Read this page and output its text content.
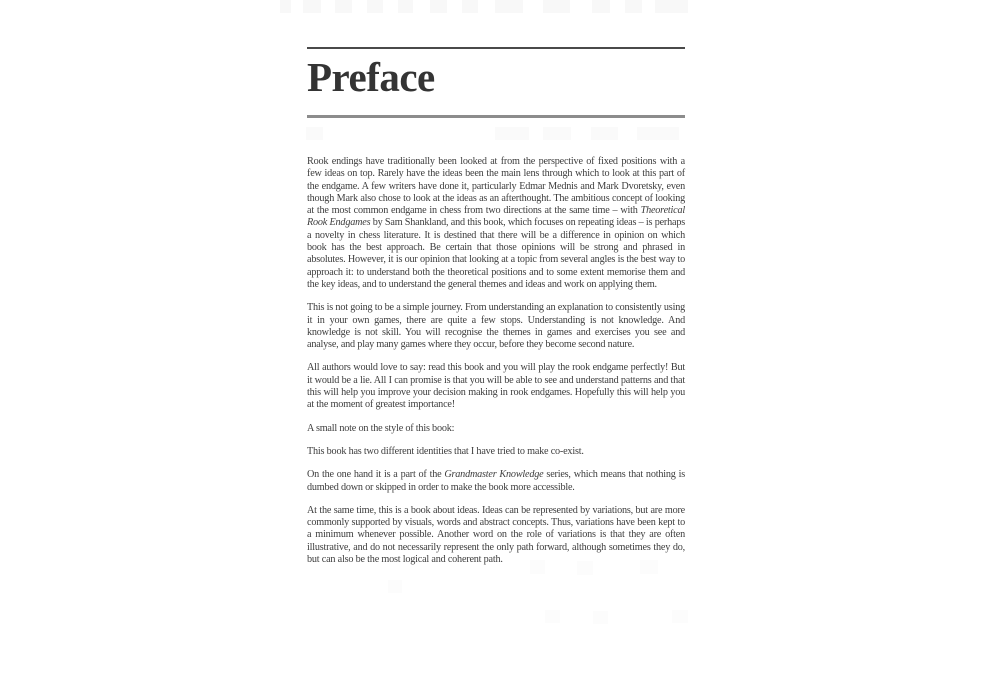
Preface

Rook endings have traditionally been looked at from the perspective of fixed positions with a few ideas on top. Rarely have the ideas been the main lens through which to look at this part of the endgame. A few writers have done it, particularly Edmar Mednis and Mark Dvoretsky, even though Mark also chose to look at the ideas as an afterthought. The ambitious concept of looking at the most common endgame in chess from two directions at the same time – with Theoretical Rook Endgames by Sam Shankland, and this book, which focuses on repeating ideas – is perhaps a novelty in chess literature. It is destined that there will be a difference in opinion on which book has the best approach. Be certain that those opinions will be strong and phrased in absolutes. However, it is our opinion that looking at a topic from several angles is the best way to approach it: to understand both the theoretical positions and to some extent memorise them and the key ideas, and to understand the general themes and ideas and work on applying them.

This is not going to be a simple journey. From understanding an explanation to consistently using it in your own games, there are quite a few stops. Understanding is not knowledge. And knowledge is not skill. You will recognise the themes in games and exercises you see and analyse, and play many games where they occur, before they become second nature.

All authors would love to say: read this book and you will play the rook endgame perfectly! But it would be a lie. All I can promise is that you will be able to see and understand patterns and that this will help you improve your decision making in rook endgames. Hopefully this will help you at the moment of greatest importance!

A small note on the style of this book:

This book has two different identities that I have tried to make co-exist.

On the one hand it is a part of the Grandmaster Knowledge series, which means that nothing is dumbed down or skipped in order to make the book more accessible.

At the same time, this is a book about ideas. Ideas can be represented by variations, but are more commonly supported by visuals, words and abstract concepts. Thus, variations have been kept to a minimum whenever possible. Another word on the role of variations is that they are often illustrative, and do not necessarily represent the only path forward, although sometimes they do, but can also be the most logical and coherent path.
